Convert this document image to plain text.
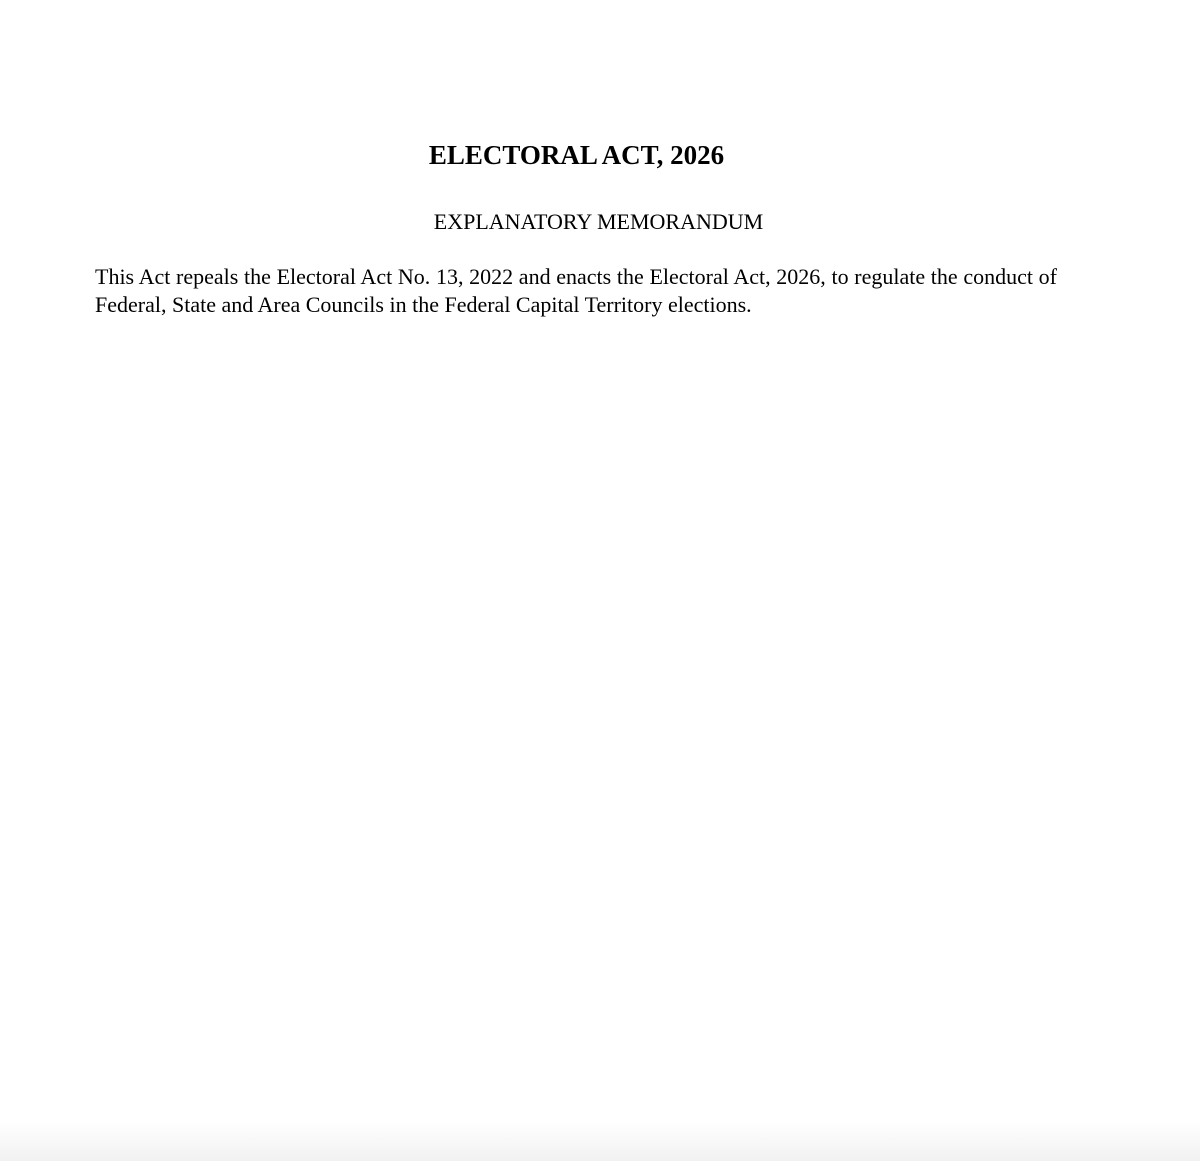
ELECTORAL ACT, 2026
EXPLANATORY MEMORANDUM

This Act repeals the Electoral Act No. 13, 2022 and enacts the Electoral Act, 2026, to regulate the conduct of Federal, State and Area Councils in the Federal Capital Territory elections.
